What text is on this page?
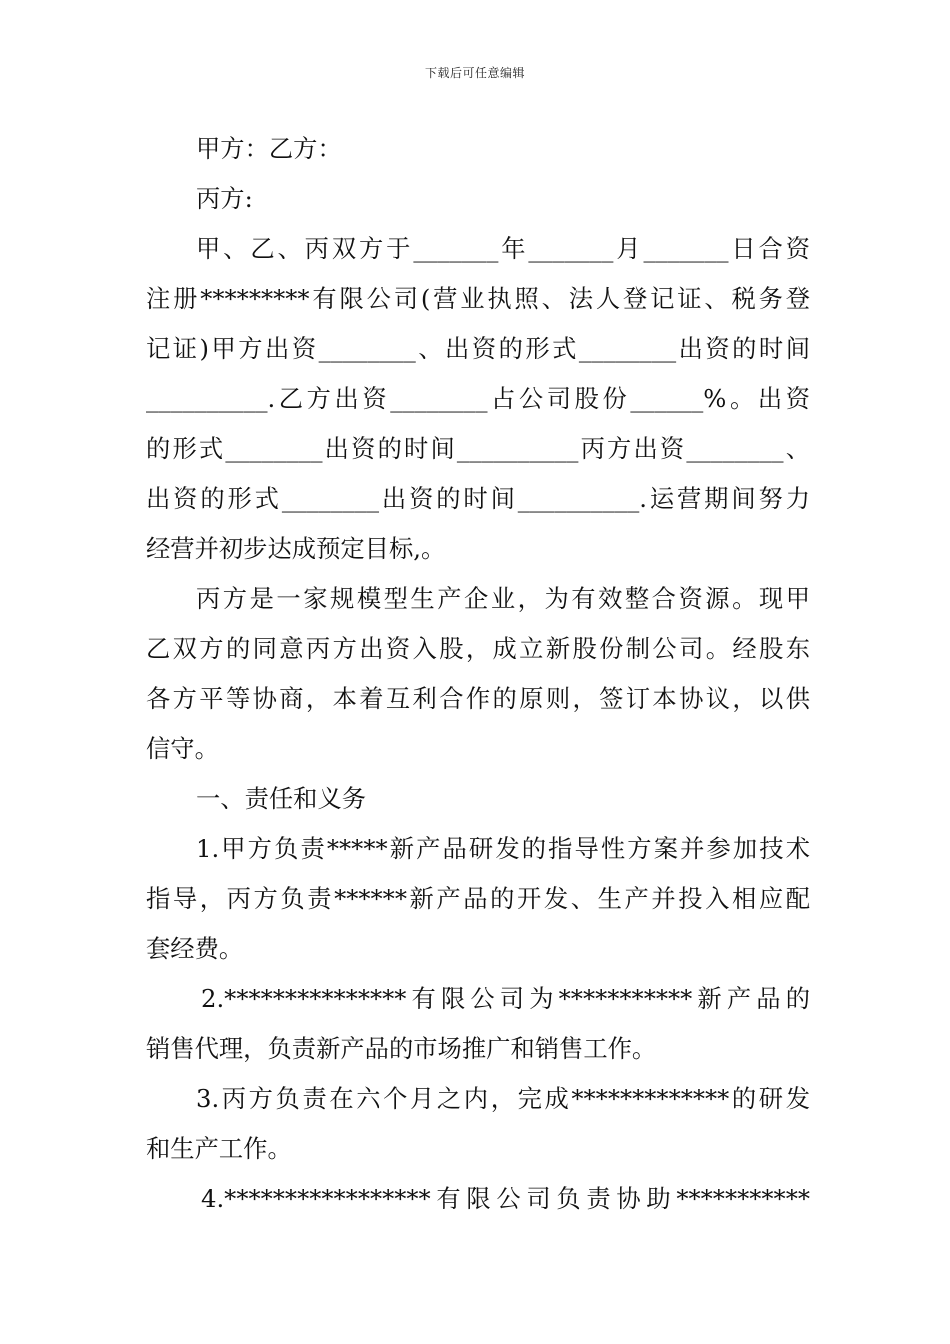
下载后可任意编辑
甲方：乙方：
丙方:
甲、乙、丙双方于_______年_______月_______日合资
注册*********有限公司(营业执照、法人登记证、税务登
记证)甲方出资________、出资的形式________出资的时间
__________.乙方出资________占公司股份______%。出资
的形式________出资的时间__________丙方出资________、
出资的形式________出资的时间__________.运营期间努力
经营并初步达成预定目标,。
丙方是一家规模型生产企业，为有效整合资源。现甲
乙双方的同意丙方出资入股，成立新股份制公司。经股东
各方平等协商，本着互利合作的原则，签订本协议，以供
信守。
一、责任和义务
1.甲方负责*****新产品研发的指导性方案并参加技术
指导，丙方负责******新产品的开发、生产并投入相应配
套经费。
2.***************有限公司为***********新产品的
销售代理，负责新产品的市场推广和销售工作。
3.丙方负责在六个月之内，完成*************的研发
和生产工作。
4.*****************有限公司负责协助***********
